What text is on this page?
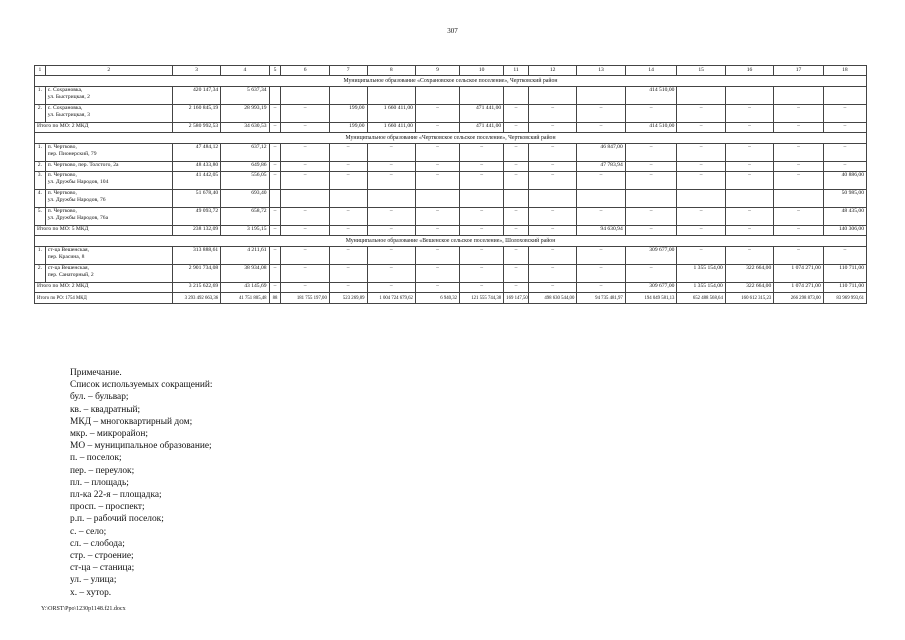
307
1	2	3	4	5	6	7	8	9	10	11	12	13	14	15	16	17	18
Муниципальное образование «Сохрановское сельское поселение», Чертковский район																	
1.	с. Сохрановка,
ул. Быстрицкая, 2	420 147,34	5 637,34										414 510,00				
2.	с. Сохрановка,
ул. Быстрицкая, 3	2 160 845,19	28 993,19	–	–	199,00	1 660 411,00	–	471 441,00	–	–	–	–	–	–	–	–
Итого по МО: 2 МКД		2 580 992,53	34 630,53	–	–	199,00	1 660 411,00	–	471 441,00	–	–	–	414 510,00	–	–	–	–
Муниципальное образование «Чертковское сельское поселение», Чертковский район																	
1.	п. Чертково,
пер. Пионерский, 79	47 484,12	637,12	–	–	–	–	–	–	–	–	46 847,00	–	–	–	–	–
2.	п. Чертково, пер. Толстого, 2а	48 433,80	649,86	–	–	–	–	–	–	–	–	47 783,94	–	–	–	–	–
3.	п. Чертково,
ул. Дружбы Народов, 104	41 442,05	556,05	–	–	–	–	–	–	–	–	–	–	–	–	–	40 886,00
4.	п. Чертково,
ул. Дружбы Народов, 76	51 678,40	693,40														50 985,00
5.	п. Чертково,
ул. Дружбы Народов, 76а	49 093,72	658,72	–	–	–	–	–	–	–	–	–	–	–	–	–	48 435,00
Итого по МО: 5 МКД		238 132,09	3 195,15	–	–	–	–	–	–	–	–	94 630,94	–	–	–	–	140 306,00
Муниципальное образование «Вешенское сельское поселение», Шолоховский район																	
1.	ст-ца Вешенская,
пер. Красина, 8	313 888,61	4 211,61	–	–	–	–	–	–	–	–	–	309 677,00	–	–	–	–
2.	ст-ца Вешенская,
пер. Санаторный, 2	2 901 734,08	38 934,08	–	–	–	–	–	–	–	–	–	–	1 355 154,00	322 664,00	1 074 271,00	110 711,00
Итого по МО: 2 МКД		3 215 622,69	43 145,69	–	–	–	–	–	–	–	–	–	309 677,00	1 355 154,00	322 664,00	1 074 271,00	110 711,00
Итого по РО: 1754 МКД		3 293 492 663,36	41 751 805,48	88	181 755 197,00	523 269,89	1 004 724 679,62	6 940,32	121 555 744,38	169 147,50	498 630 544,00	94 735 481,97	194 049 581,13	652 488 568,64	160 612 315,23	266 298 873,00	83 969 993,61
Примечание.
Список используемых сокращений:
бул. – бульвар;
кв. – квадратный;
МКД – многоквартирный дом;
мкр. – микрорайон;
МО – муниципальное образование;
п. – поселок;
пер. – переулок;
пл. – площадь;
пл-ка 22-я – площадка;
просп. – проспект;
р.п. – рабочий поселок;
с. – село;
сл. – слобода;
стр. – строение;
ст-ца – станица;
ул. – улица;
х. – хутор.
Y:\ORST\Ppo\1230p1148.f21.docx
